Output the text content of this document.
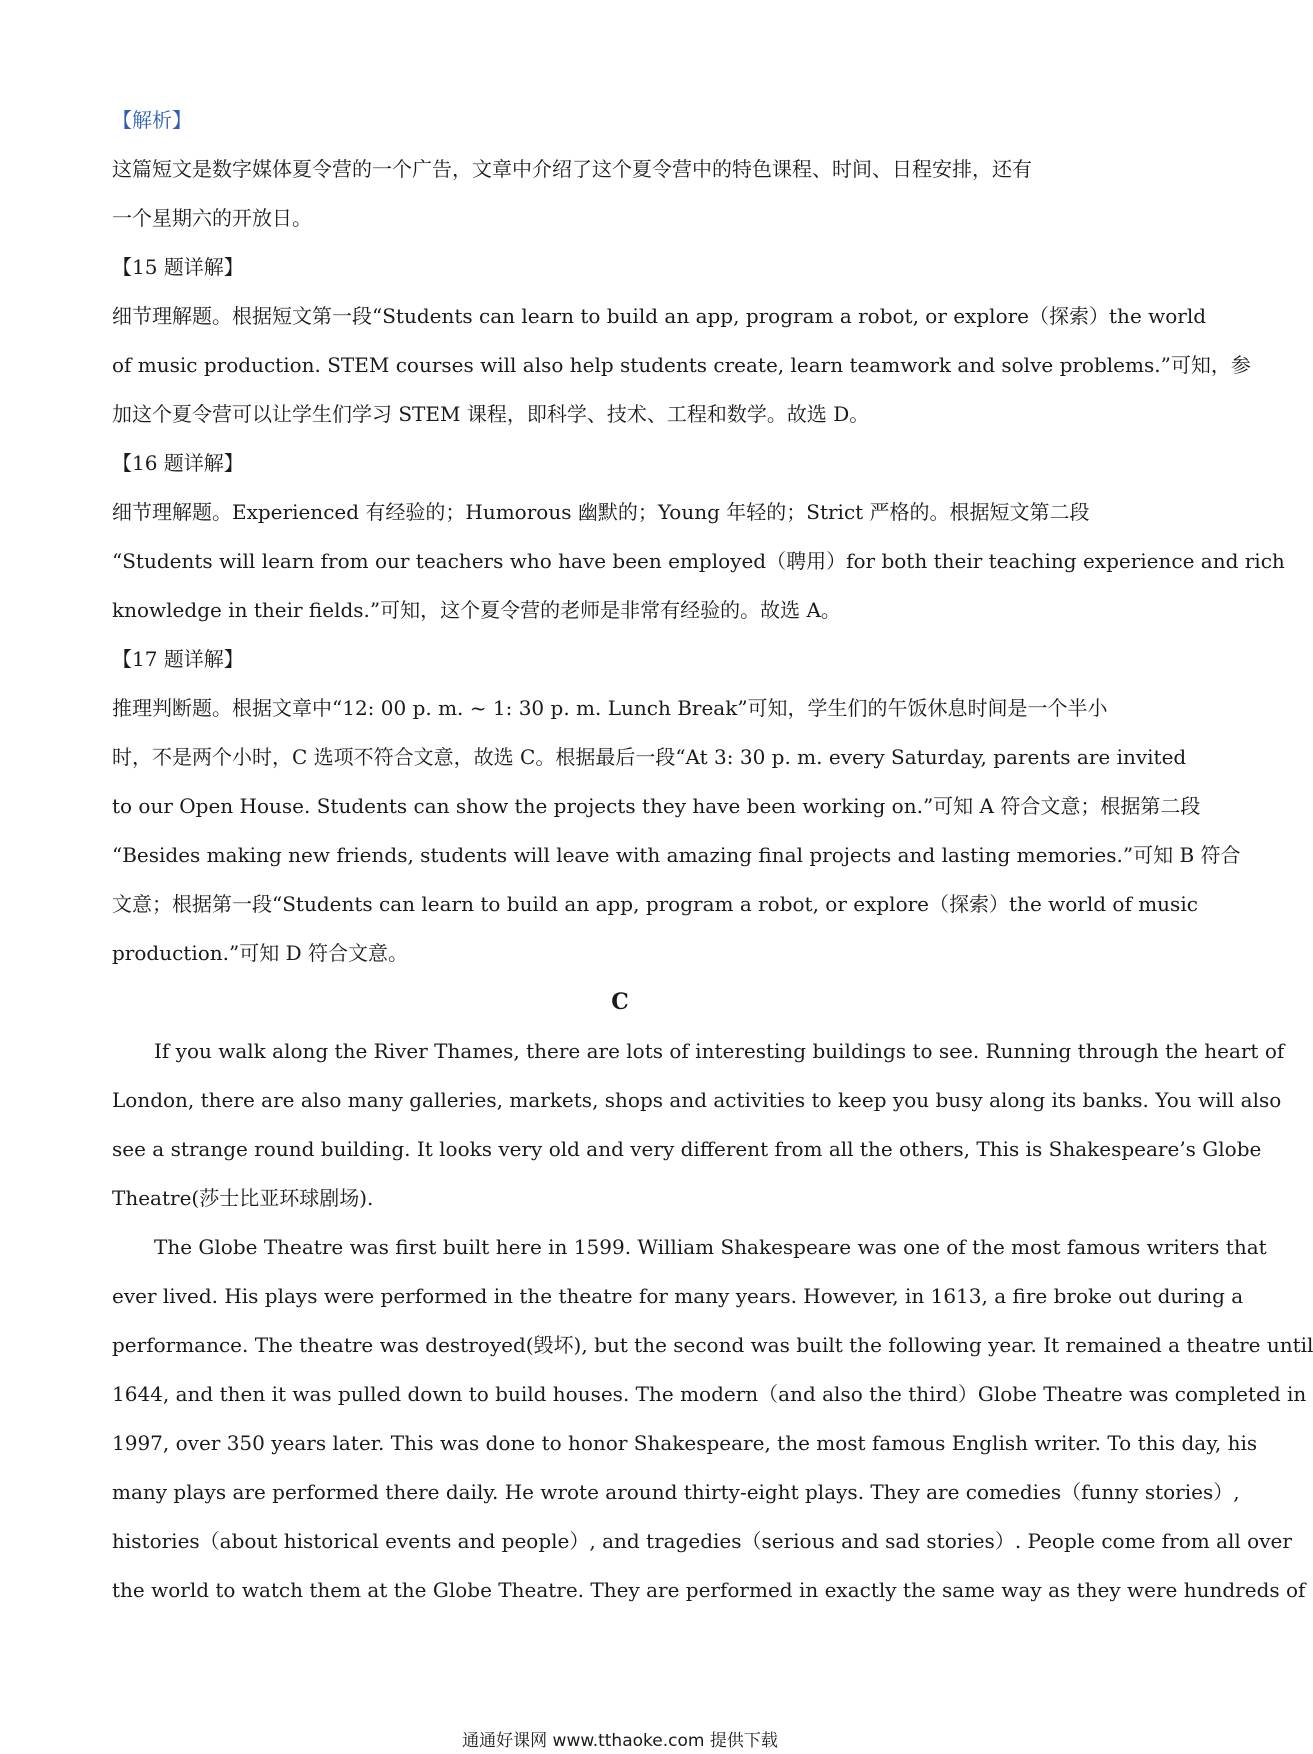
【解析】
这篇短文是数字媒体夏令营的一个广告，文章中介绍了这个夏令营中的特色课程、时间、日程安排，还有
一个星期六的开放日。
【15 题详解】
细节理解题。根据短文第一段“Students can learn to build an app, program a robot, or explore（探索）the world
of music production. STEM courses will also help students create, learn teamwork and solve problems.”可知，参
加这个夏令营可以让学生们学习 STEM 课程，即科学、技术、工程和数学。故选 D。
【16 题详解】
细节理解题。Experienced 有经验的；Humorous 幽默的；Young 年轻的；Strict 严格的。根据短文第二段
“Students will learn from our teachers who have been employed（聘用）for both their teaching experience and rich
knowledge in their fields.”可知，这个夏令营的老师是非常有经验的。故选 A。
【17 题详解】
推理判断题。根据文章中“12: 00 p. m. ~ 1: 30 p. m. Lunch Break”可知，学生们的午饭休息时间是一个半小
时，不是两个小时，C 选项不符合文意，故选 C。根据最后一段“At 3: 30 p. m. every Saturday, parents are invited
to our Open House. Students can show the projects they have been working on.”可知 A 符合文意；根据第二段
“Besides making new friends, students will leave with amazing final projects and lasting memories.”可知 B 符合
文意；根据第一段“Students can learn to build an app, program a robot, or explore（探索）the world of music
production.”可知 D 符合文意。
C
If you walk along the River Thames, there are lots of interesting buildings to see. Running through the heart of
London, there are also many galleries, markets, shops and activities to keep you busy along its banks. You will also
see a strange round building. It looks very old and very different from all the others, This is Shakespeare’s Globe
Theatre(莎士比亚环球剧场).
The Globe Theatre was first built here in 1599. William Shakespeare was one of the most famous writers that
ever lived. His plays were performed in the theatre for many years. However, in 1613, a fire broke out during a
performance. The theatre was destroyed(毁坏), but the second was built the following year. It remained a theatre until
1644, and then it was pulled down to build houses. The modern（and also the third）Globe Theatre was completed in
1997, over 350 years later. This was done to honor Shakespeare, the most famous English writer. To this day, his
many plays are performed there daily. He wrote around thirty-eight plays. They are comedies（funny stories）,
histories（about historical events and people）, and tragedies（serious and sad stories）. People come from all over
the world to watch them at the Globe Theatre. They are performed in exactly the same way as they were hundreds of
通通好课网 www.tthaoke.com 提供下载
